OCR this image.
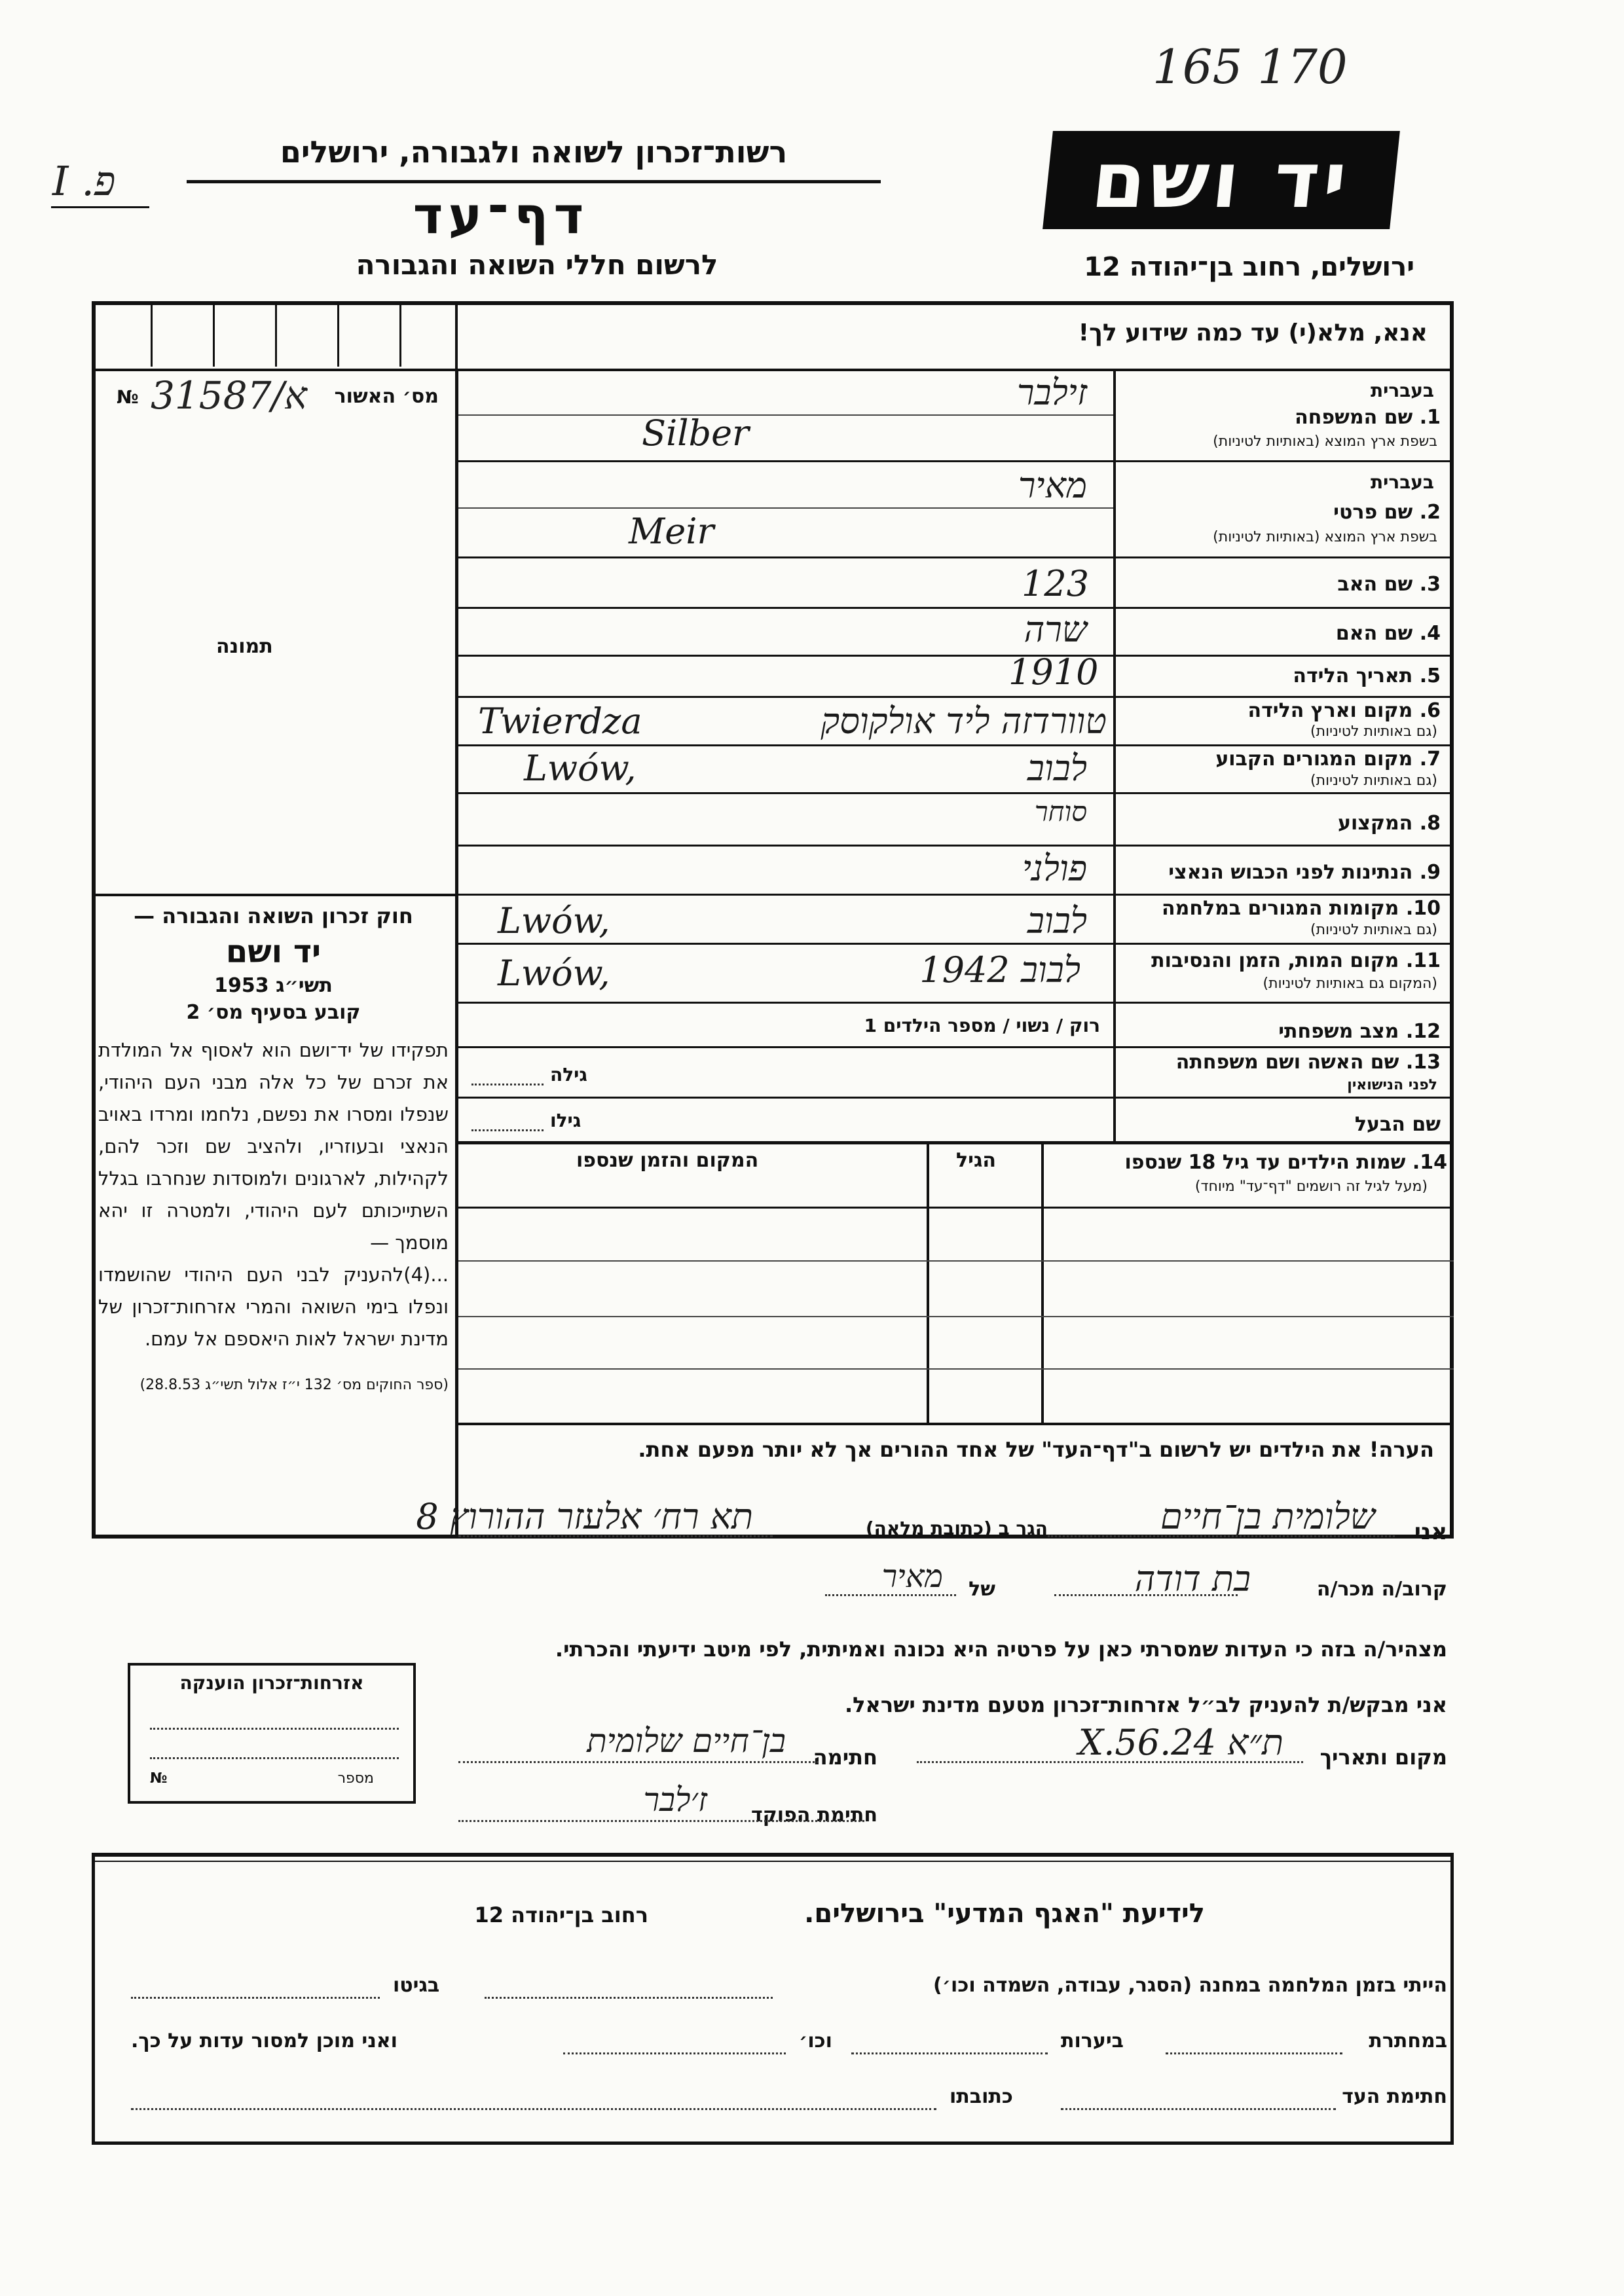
165 170
I .פ	יד ושם
רשות־זכרון לשואה ולגבורה, ירושלים
דף־עד
לרשום חללי השואה והגבורה	ירושלים, רחוב בן־יהודה 12
אנא, מלא(י) עד כמה שידוע לך!
מס׳ האשור
31587/א
№
תמונה
חוק זכרון השואה והגבורה —
יד ושם
תשי״ג 1953
קובע בסעיף מס׳ 2
תפקידו של יד־ושם הוא לאסוף אל המולדת את זכרם של כל אלה מבני העם היהודי, שנפלו ומסרו את נפשם, נלחמו ומרדו באויב הנאצי ובעוזריו, ולהציב שם וזכר להם, לקהילות, לארגונים ולמוסדות שנחרבו בגלל השתייכותם לעם היהודי, ולמטרה זו יהא מוסמך —
...(4)להעניק לבני העם היהודי שהושמדו ונפלו בימי השואה והמרי אזרחות־זכרון של מדינת ישראל לאות היאספם אל עמם.
(ספר החוקים מס׳ 132 י״ז אלול תשי״ג 28.8.53)
בעברית
1. שם המשפחה
בשפת ארץ המוצא (באותיות לטיניות)
זילבר
Silber
בעברית
2. שם פרטי
בשפת ארץ המוצא (באותיות לטיניות)
מאיר
Meir
3. שם האב
123
4. שם האם
שרה
5. תאריך הלידה
1910
6. מקום וארץ הלידה
(גם באותיות לטיניות)
טוורדזה ליד אולקוסק
Twierdza
7. מקום המגורים הקבוע
(גם באותיות לטיניות)
לבוב
Lwów,
8. המקצוע
סוחר
9. הנתינות לפני הכבוש הנאצי
פולני
10. מקומות המגורים במלחמה
(גם באותיות לטיניות)
לבוב
Lwów,
11. מקום המות, הזמן והנסיבות
(המקום גם באותיות לטיניות)
לבוב 1942
Lwów,
12. מצב משפחתי
רוק / נשוי / מספר הילדים 1
13. שם האשה ושם משפחתה
לפני הנישואין
גילה
שם הבעל
גילו
14. שמות הילדים עד גיל 18 שנספו
(מעל לגיל זה רושמים "דף־עד" מיוחד)
הגיל
המקום והזמן שנספו
הערה! את הילדים יש לרשום ב"דף־העד" של אחד ההורים אך לא יותר מפעם אחת.
אני
שלומית בן־חיים
הגר ב (כתובת מלאה)
תא רח׳ אלעזר ההורוץ 8
קרוב/ה מכר/ה
בת דודה
של
מאיר
מצהיר/ה בזה כי העדות שמסרתי כאן על פרטיה היא נכונה ואמיתית, לפי מיטב ידיעתי והכרתי.
אני מבקש/ת להעניק לב״ל אזרחות־זכרון מטעם מדינת ישראל.
מקום ותאריך
ת״א 24.X.56
חתימה
בן־חיים שלומית
חתימת הפוקד
ז׳לבר
אזרחות־זכרון הוענקה
מספר
№
לידיעת "האגף המדעי" בירושלים.
רחוב בן־יהודה 12
הייתי בזמן המלחמה במחנה (הסגר, עבודה, השמדה וכו׳)
בגיטו
במחתרת
ביערות
וכו׳
ואני מוכן למסור עדות על כך.
חתימת העד
כתובתו
